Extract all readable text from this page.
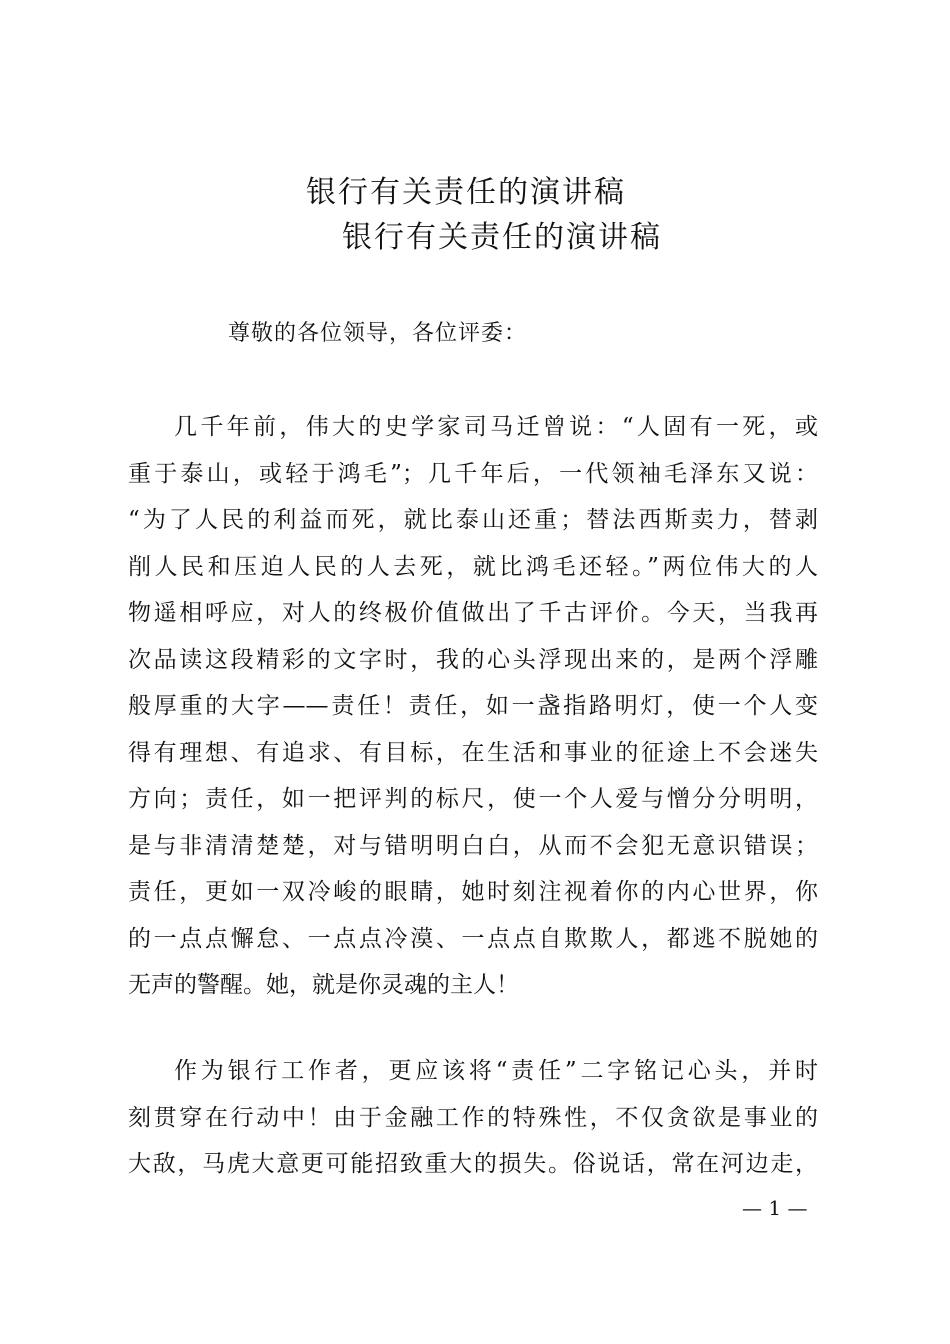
银行有关责任的演讲稿
银行有关责任的演讲稿
尊敬的各位领导，各位评委：
几千年前，伟大的史学家司马迁曾说：“人固有一死，或
重于泰山，或轻于鸿毛”；几千年后，一代领袖毛泽东又说：
“为了人民的利益而死，就比泰山还重；替法西斯卖力，替剥
削人民和压迫人民的人去死，就比鸿毛还轻。”两位伟大的人
物遥相呼应，对人的终极价值做出了千古评价。今天，当我再
次品读这段精彩的文字时，我的心头浮现出来的，是两个浮雕
般厚重的大字——责任！责任，如一盏指路明灯，使一个人变
得有理想、有追求、有目标，在生活和事业的征途上不会迷失
方向；责任，如一把评判的标尺，使一个人爱与憎分分明明，
是与非清清楚楚，对与错明明白白，从而不会犯无意识错误；
责任，更如一双冷峻的眼睛，她时刻注视着你的内心世界，你
的一点点懈怠、一点点冷漠、一点点自欺欺人，都逃不脱她的
无声的警醒。她，就是你灵魂的主人！
作为银行工作者，更应该将“责任”二字铭记心头，并时
刻贯穿在行动中！由于金融工作的特殊性，不仅贪欲是事业的
大敌，马虎大意更可能招致重大的损失。俗说话，常在河边走，
— 1 —
